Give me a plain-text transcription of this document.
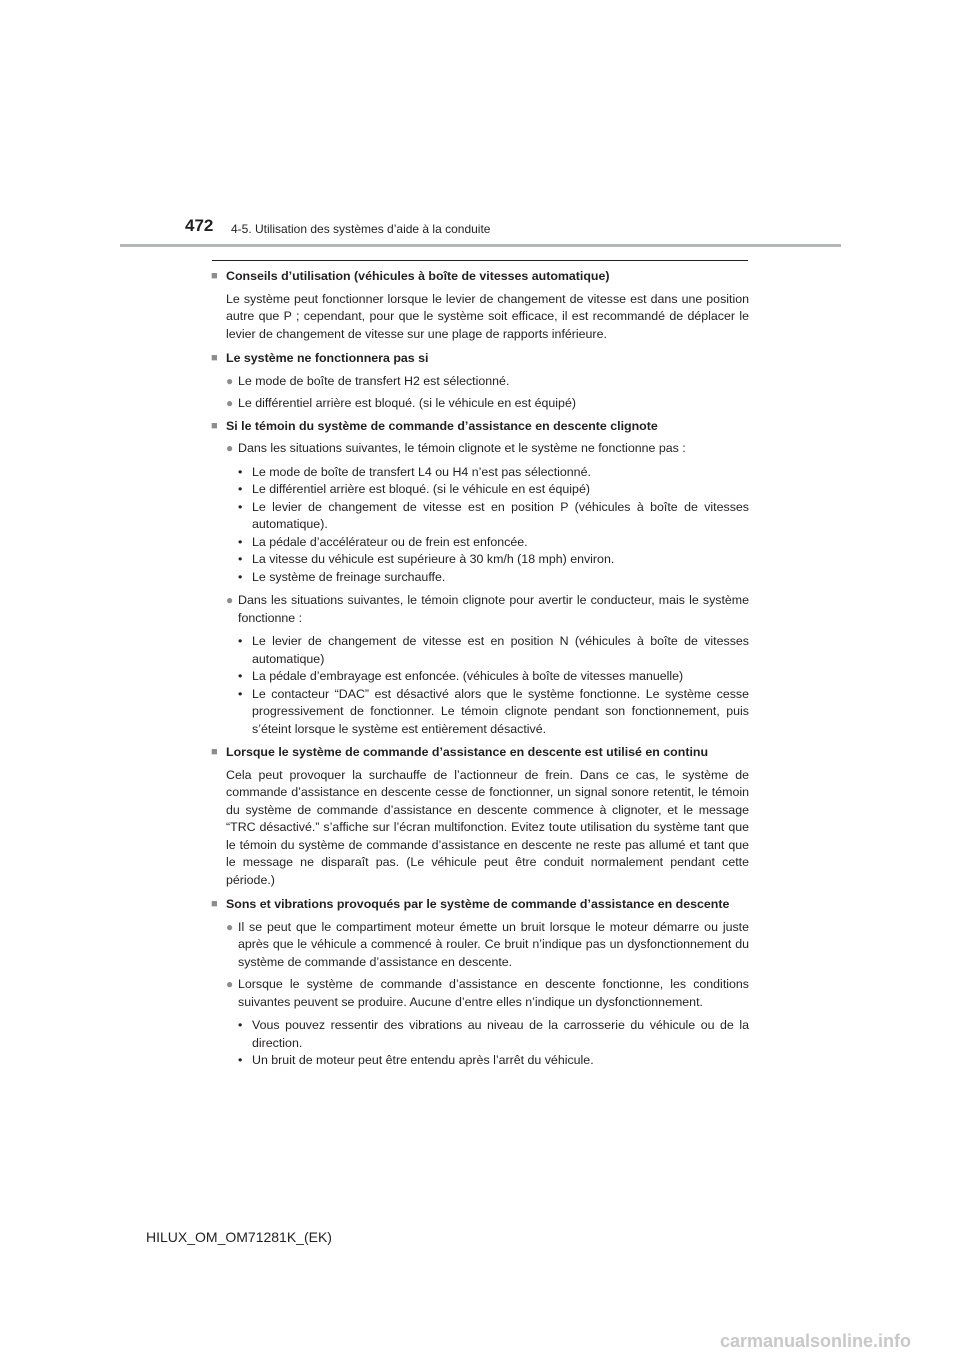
472 4-5. Utilisation des systèmes d’aide à la conduite
■ Conseils d’utilisation (véhicules à boîte de vitesses automatique)
Le système peut fonctionner lorsque le levier de changement de vitesse est dans une position autre que P ; cependant, pour que le système soit efficace, il est recommandé de déplacer le levier de changement de vitesse sur une plage de rapports inférieure.
■ Le système ne fonctionnera pas si
● Le mode de boîte de transfert H2 est sélectionné.
● Le différentiel arrière est bloqué. (si le véhicule en est équipé)
■ Si le témoin du système de commande d’assistance en descente clignote
● Dans les situations suivantes, le témoin clignote et le système ne fonctionne pas :
• Le mode de boîte de transfert L4 ou H4 n’est pas sélectionné.
• Le différentiel arrière est bloqué. (si le véhicule en est équipé)
• Le levier de changement de vitesse est en position P (véhicules à boîte de vitesses automatique).
• La pédale d’accélérateur ou de frein est enfoncée.
• La vitesse du véhicule est supérieure à 30 km/h (18 mph) environ.
• Le système de freinage surchauffe.
● Dans les situations suivantes, le témoin clignote pour avertir le conducteur, mais le système fonctionne :
• Le levier de changement de vitesse est en position N (véhicules à boîte de vitesses automatique)
• La pédale d’embrayage est enfoncée. (véhicules à boîte de vitesses manuelle)
• Le contacteur “DAC” est désactivé alors que le système fonctionne. Le système cesse progressivement de fonctionner. Le témoin clignote pendant son fonctionnement, puis s’éteint lorsque le système est entièrement désactivé.
■ Lorsque le système de commande d’assistance en descente est utilisé en continu
Cela peut provoquer la surchauffe de l’actionneur de frein. Dans ce cas, le système de commande d’assistance en descente cesse de fonctionner, un signal sonore retentit, le témoin du système de commande d’assistance en descente commence à clignoter, et le message “TRC désactivé.” s’affiche sur l’écran multifonction. Evitez toute utilisation du système tant que le témoin du système de commande d’assistance en descente ne reste pas allumé et tant que le message ne disparaît pas. (Le véhicule peut être conduit normalement pendant cette période.)
■ Sons et vibrations provoqués par le système de commande d’assistance en descente
● Il se peut que le compartiment moteur émette un bruit lorsque le moteur démarre ou juste après que le véhicule a commencé à rouler. Ce bruit n’indique pas un dysfonctionnement du système de commande d’assistance en descente.
● Lorsque le système de commande d’assistance en descente fonctionne, les conditions suivantes peuvent se produire. Aucune d’entre elles n’indique un dysfonctionnement.
• Vous pouvez ressentir des vibrations au niveau de la carrosserie du véhicule ou de la direction.
• Un bruit de moteur peut être entendu après l’arrêt du véhicule.
HILUX_OM_OM71281K_(EK)
carmanualsonline.info
